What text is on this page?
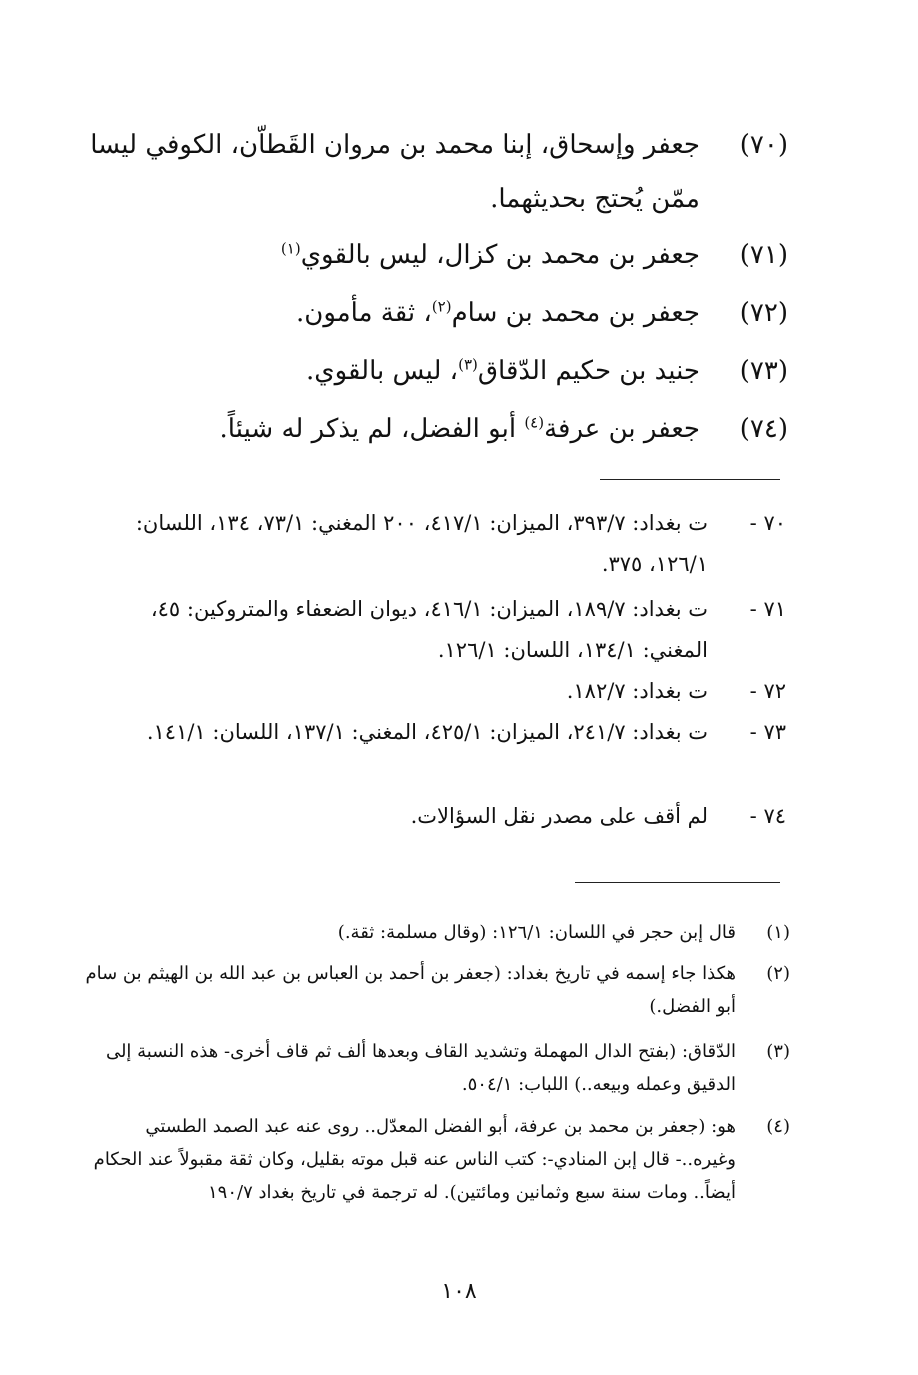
(٧٠)
جعفر وإسحاق، إبنا محمد بن مروان القَطاّن، الكوفي ليسا ممّن يُحتج بحديثهما.
(٧١)
جعفر بن محمد بن كزال، ليس بالقوي$^{(١)}$
(٧٢)
جعفر بن محمد بن سام$^{(٢)}$، ثقة مأمون.
(٧٣)
جنيد بن حكيم الدّقاق$^{(٣)}$، ليس بالقوي.
(٧٤)
جعفر بن عرفة$^{(٤)}$ أبو الفضل، لم يذكر له شيئاً.
٧٠ -
ت بغداد: ٣٩٣/٧، الميزان: ٤١٧/١، ٢٠٠ المغني: ٧٣/١، ١٣٤، اللسان: ١٢٦/١، ٣٧٥.
٧١ -
ت بغداد: ١٨٩/٧، الميزان: ٤١٦/١، ديوان الضعفاء والمتروكين: ٤٥، المغني: ١٣٤/١، اللسان: ١٢٦/١.
٧٢ -
ت بغداد: ١٨٢/٧.
٧٣ -
ت بغداد: ٢٤١/٧، الميزان: ٤٢٥/١، المغني: ١٣٧/١، اللسان: ١٤١/١.
٧٤ -
لم أقف على مصدر نقل السؤالات.
(١)
قال إبن حجر في اللسان: ١٢٦/١: (وقال مسلمة: ثقة.)
(٢)
هكذا جاء إسمه في تاريخ بغداد: (جعفر بن أحمد بن العباس بن عبد الله بن الهيثم بن سام أبو الفضل.)
(٣)
الدّقاق: (بفتح الدال المهملة وتشديد القاف وبعدها ألف ثم قاف أخرى- هذه النسبة إلى الدقيق وعمله وبيعه..) اللباب: ٥٠٤/١.
(٤)
هو: (جعفر بن محمد بن عرفة، أبو الفضل المعدّل.. روى عنه عبد الصمد الطستي وغيره..- قال إبن المنادي-: كتب الناس عنه قبل موته بقليل، وكان ثقة مقبولاً عند الحكام أيضاً.. ومات سنة سبع وثمانين ومائتين). له ترجمة في تاريخ بغداد ١٩٠/٧
١٠٨
